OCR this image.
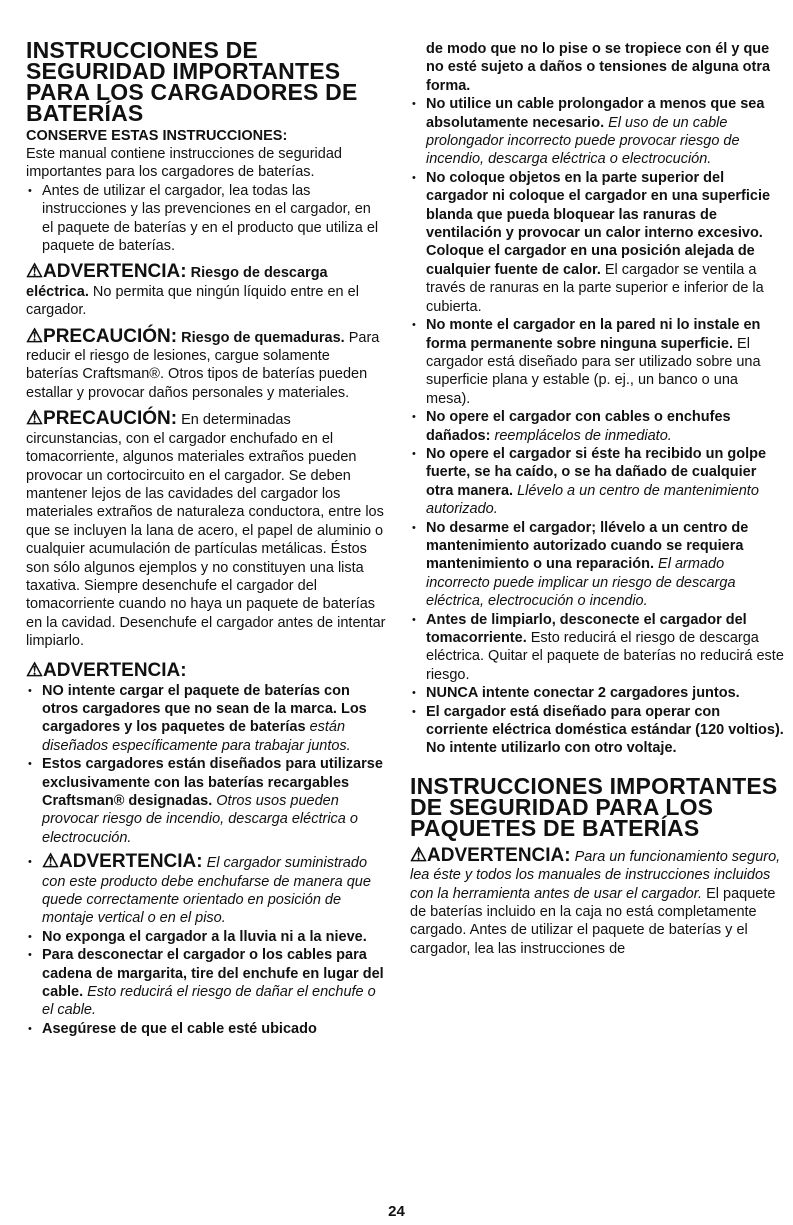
INSTRUCCIONES DE SEGURIDAD IMPORTANTES PARA LOS CARGADORES DE BATERÍAS
CONSERVE ESTAS INSTRUCCIONES:

Este manual contiene instrucciones de seguridad importantes para los cargadores de baterías.

• Antes de utilizar el cargador, lea todas las instrucciones y las prevenciones en el cargador, en el paquete de baterías y en el producto que utiliza el paquete de baterías.

⚠ADVERTENCIA: Riesgo de descarga eléctrica. No permita que ningún líquido entre en el cargador.

⚠PRECAUCIÓN: Riesgo de quemaduras. Para reducir el riesgo de lesiones, cargue solamente baterías Craftsman®. Otros tipos de baterías pueden estallar y provocar daños personales y materiales.

⚠PRECAUCIÓN: En determinadas circunstancias, con el cargador enchufado en el tomacorriente, algunos materiales extraños pueden provocar un cortocircuito en el cargador. Se deben mantener lejos de las cavidades del cargador los materiales extraños de naturaleza conductora, entre los que se incluyen la lana de acero, el papel de aluminio o cualquier acumulación de partículas metálicas. Éstos son sólo algunos ejemplos y no constituyen una lista taxativa. Siempre desenchufe el cargador del tomacorriente cuando no haya un paquete de baterías en la cavidad. Desenchufe el cargador antes de intentar limpiarlo.

⚠ADVERTENCIA:
• NO intente cargar el paquete de baterías con otros cargadores que no sean de la marca. Los cargadores y los paquetes de baterías están diseñados específicamente para trabajar juntos.
• Estos cargadores están diseñados para utilizarse exclusivamente con las baterías recargables Craftsman® designadas. Otros usos pueden provocar riesgo de incendio, descarga eléctrica o electrocución.
• ⚠ADVERTENCIA: El cargador suministrado con este producto debe enchufarse de manera que quede correctamente orientado en posición de montaje vertical o en el piso.
• No exponga el cargador a la lluvia ni a la nieve.
• Para desconectar el cargador o los cables para cadena de margarita, tire del enchufe en lugar del cable. Esto reducirá el riesgo de dañar el enchufe o el cable.
• Asegúrese de que el cable esté ubicado

de modo que no lo pise o se tropiece con él y que no esté sujeto a daños o tensiones de alguna otra forma.

• No utilice un cable prolongador a menos que sea absolutamente necesario. El uso de un cable prolongador incorrecto puede provocar riesgo de incendio, descarga eléctrica o electrocución.
• No coloque objetos en la parte superior del cargador ni coloque el cargador en una superficie blanda que pueda bloquear las ranuras de ventilación y provocar un calor interno excesivo. Coloque el cargador en una posición alejada de cualquier fuente de calor. El cargador se ventila a través de ranuras en la parte superior e inferior de la cubierta.
• No monte el cargador en la pared ni lo instale en forma permanente sobre ninguna superficie. El cargador está diseñado para ser utilizado sobre una superficie plana y estable (p. ej., un banco o una mesa).
• No opere el cargador con cables o enchufes dañados: reemplácelos de inmediato.
• No opere el cargador si éste ha recibido un golpe fuerte, se ha caído, o se ha dañado de cualquier otra manera. Llévelo a un centro de mantenimiento autorizado.
• No desarme el cargador; llévelo a un centro de mantenimiento autorizado cuando se requiera mantenimiento o una reparación. El armado incorrecto puede implicar un riesgo de descarga eléctrica, electrocución o incendio.
• Antes de limpiarlo, desconecte el cargador del tomacorriente. Esto reducirá el riesgo de descarga eléctrica. Quitar el paquete de baterías no reducirá este riesgo.
• NUNCA intente conectar 2 cargadores juntos.
• El cargador está diseñado para operar con corriente eléctrica doméstica estándar (120 voltios). No intente utilizarlo con otro voltaje.
INSTRUCCIONES IMPORTANTES DE SEGURIDAD PARA LOS PAQUETES DE BATERÍAS

⚠ADVERTENCIA: Para un funcionamiento seguro, lea éste y todos los manuales de instrucciones incluidos con la herramienta antes de usar el cargador. El paquete de baterías incluido en la caja no está completamente cargado. Antes de utilizar el paquete de baterías y el cargador, lea las instrucciones de

24
